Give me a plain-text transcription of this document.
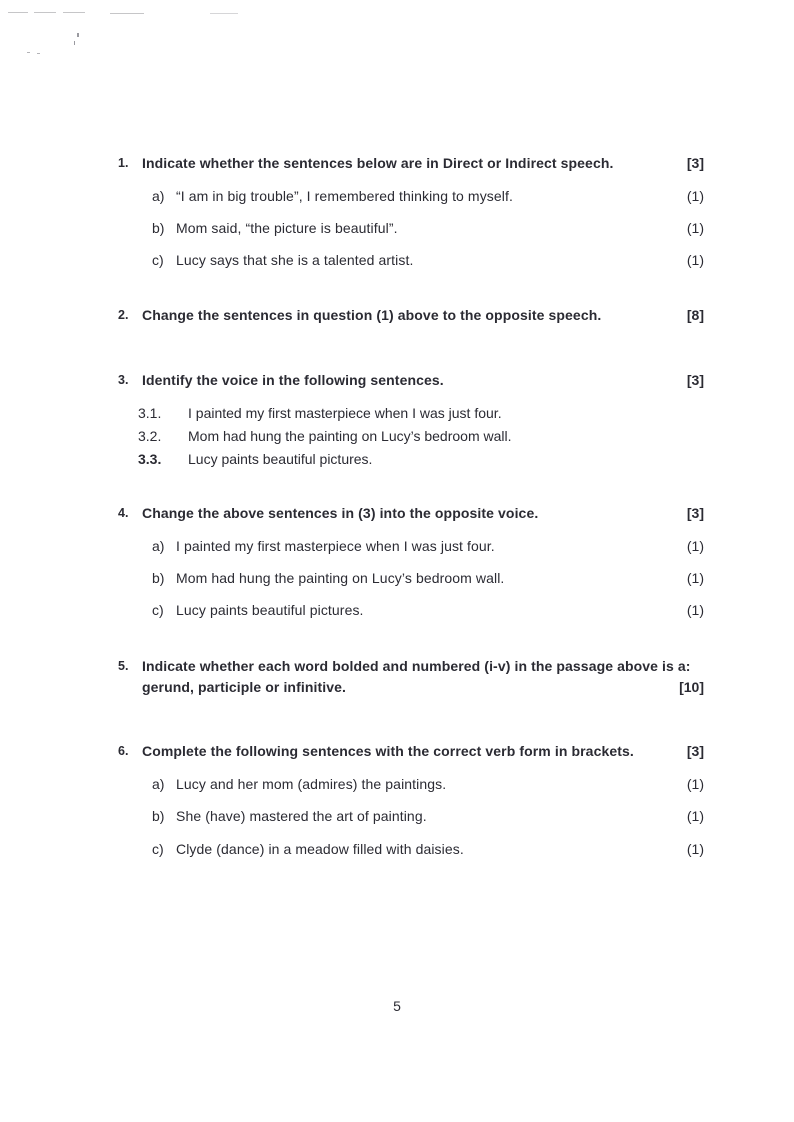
1. Indicate whether the sentences below are in Direct or Indirect speech.	[3]
a) “I am in big trouble”, I remembered thinking to myself.	(1)
b) Mom said, “the picture is beautiful”.	(1)
c) Lucy says that she is a talented artist.	(1)
2. Change the sentences in question (1) above to the opposite speech.	[8]
3. Identify the voice in the following sentences.	[3]
3.1.	I painted my first masterpiece when I was just four.
3.2.	Mom had hung the painting on Lucy’s bedroom wall.
3.3.	Lucy paints beautiful pictures.
4. Change the above sentences in (3) into the opposite voice.	[3]
a) I painted my first masterpiece when I was just four.	(1)
b) Mom had hung the painting on Lucy’s bedroom wall.	(1)
c) Lucy paints beautiful pictures.	(1)
5. Indicate whether each word bolded and numbered (i-v) in the passage above is a: gerund, participle or infinitive.	[10]
6. Complete the following sentences with the correct verb form in brackets.	[3]
a) Lucy and her mom (admires) the paintings.	(1)
b) She (have) mastered the art of painting.	(1)
c) Clyde (dance) in a meadow filled with daisies.	(1)
5
